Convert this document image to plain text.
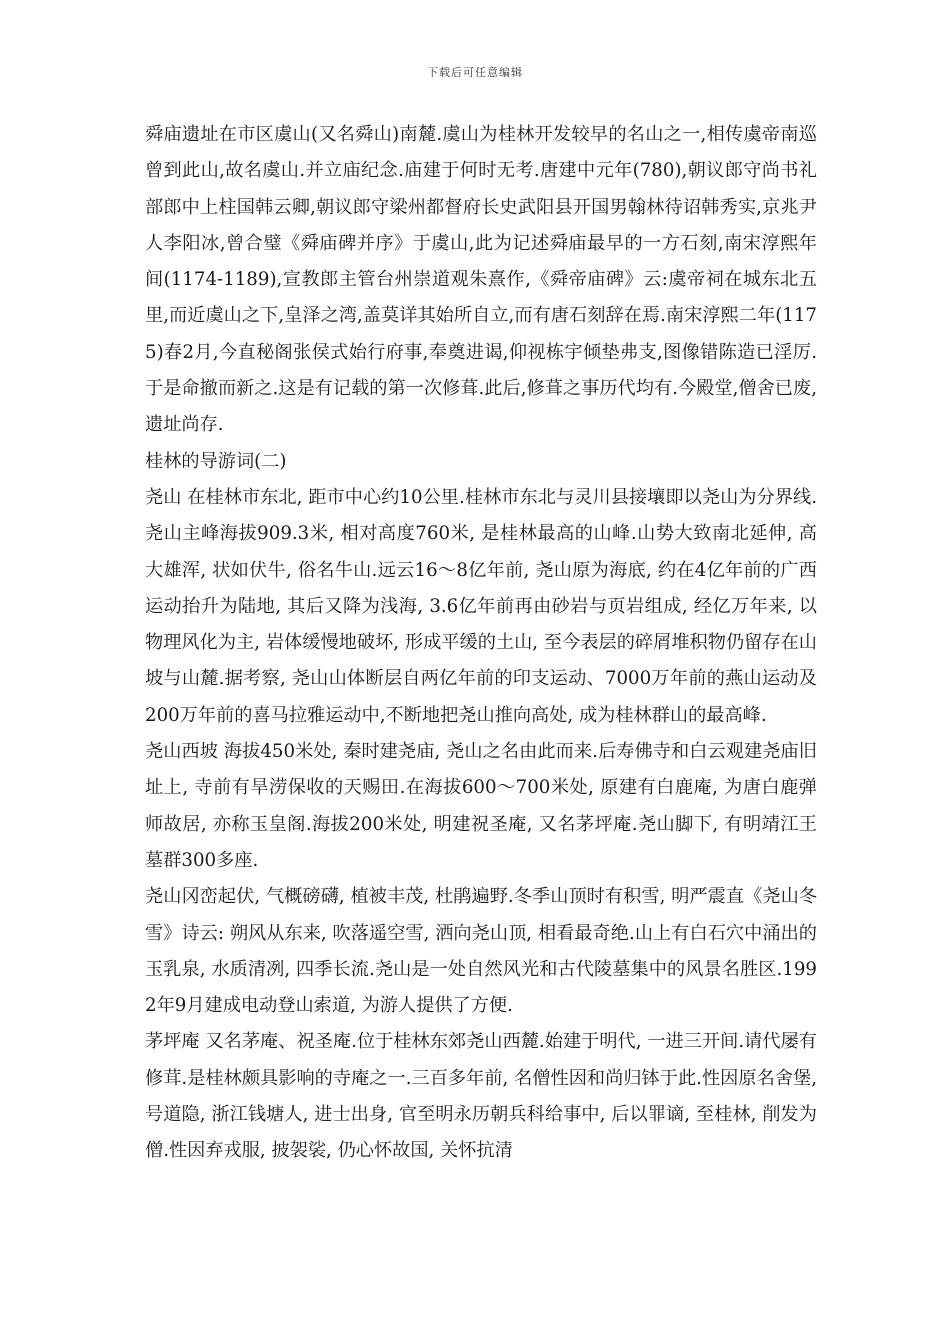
下载后可任意编辑

舜庙遗址在市区虞山(又名舜山)南麓.虞山为桂林开发较早的名山之一,相传虞帝南巡曾到此山,故名虞山.并立庙纪念.庙建于何时无考.唐建中元年(780),朝议郎守尚书礼部郎中上柱国韩云卿,朝议郎守梁州都督府长史武阳县开国男翰林待诏韩秀实,京兆尹人李阳冰,曾合璧《舜庙碑并序》于虞山,此为记述舜庙最早的一方石刻,南宋淳熙年间(1174-1189),宣教郎主管台州崇道观朱熹作,《舜帝庙碑》云:虞帝祠在城东北五里,而近虞山之下,皇泽之湾,盖莫详其始所自立,而有唐石刻辞在焉.南宋淳熙二年(1175)春2月,今直秘阁张侯式始行府事,奉奠进谒,仰视栋宇倾垫弗支,图像错陈造已淫厉. 于是命撤而新之.这是有记载的第一次修葺.此后,修葺之事历代均有.今殿堂,僧舍已废,遗址尚存.

桂林的导游词(二)

尧山 在桂林市东北, 距市中心约10公里.桂林市东北与灵川县接壤即以尧山为分界线.尧山主峰海拔909.3米, 相对高度760米, 是桂林最高的山峰.山势大致南北延伸, 高大雄浑, 状如伏牛, 俗名牛山.远云16～8亿年前, 尧山原为海底, 约在4亿年前的广西运动抬升为陆地, 其后又降为浅海, 3.6亿年前再由砂岩与页岩组成, 经亿万年来, 以物理风化为主, 岩体缓慢地破坏, 形成平缓的土山, 至今表层的碎屑堆积物仍留存在山坡与山麓.据考察, 尧山山体断层自两亿年前的印支运动、7000万年前的燕山运动及200万年前的喜马拉雅运动中,不断地把尧山推向高处, 成为桂林群山的最高峰.

尧山西坡 海拔450米处, 秦时建尧庙, 尧山之名由此而来.后寿佛寺和白云观建尧庙旧址上, 寺前有旱涝保收的天赐田.在海拔600～700米处, 原建有白鹿庵, 为唐白鹿弹师故居, 亦称玉皇阁.海拔200米处, 明建祝圣庵, 又名茅坪庵.尧山脚下, 有明靖江王墓群300多座.

尧山冈峦起伏, 气概磅礴, 植被丰茂, 杜鹃遍野.冬季山顶时有积雪, 明严震直《尧山冬雪》诗云: 朔风从东来, 吹落遥空雪, 洒向尧山顶, 相看最奇绝.山上有白石穴中涌出的玉乳泉, 水质清冽, 四季长流.尧山是一处自然风光和古代陵墓集中的风景名胜区.1992年9月建成电动登山索道, 为游人提供了方便.

茅坪庵 又名茅庵、祝圣庵.位于桂林东郊尧山西麓.始建于明代, 一进三开间.请代屡有修茸.是桂林颇具影响的寺庵之一.三百多年前, 名僧性因和尚归钵于此.性因原名舍堡, 号道隐, 浙江钱塘人, 进士出身, 官至明永历朝兵科给事中, 后以罪谪, 至桂林, 削发为僧.性因弃戎服, 披袈裟, 仍心怀故国, 关怀抗清
